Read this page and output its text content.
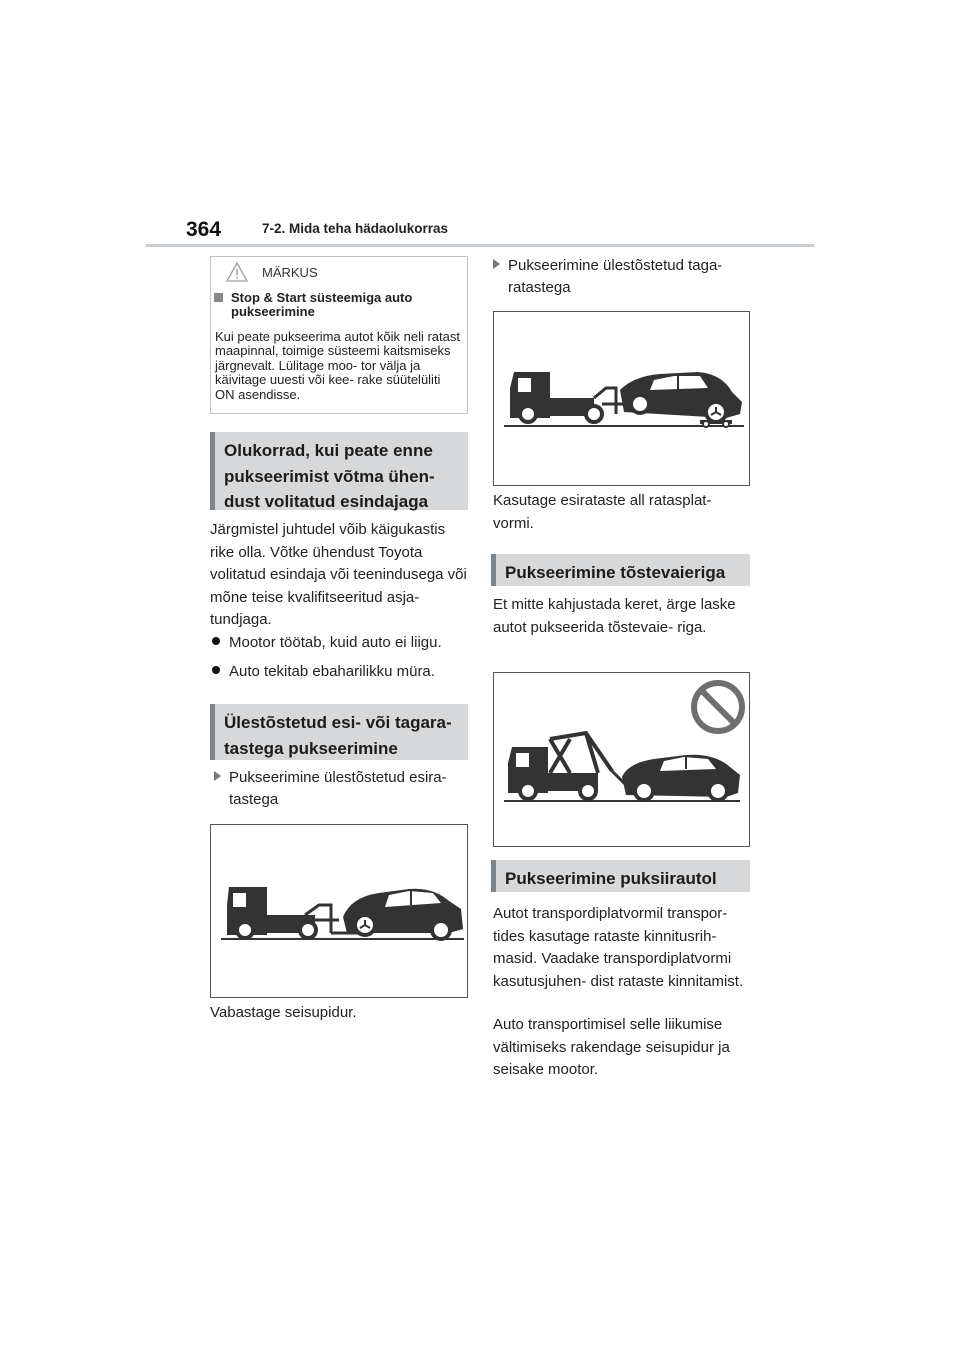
364	7-2. Mida teha hädaolukorras
MÄRKUS
Stop & Start süsteemiga auto pukseerimine
Kui peate pukseerima autot kõik neli ratast maapinnal, toimige süsteemi kaitsmiseks järgnevalt. Lülitage moo- tor välja ja käivitage uuesti või kee- rake süütelüliti ON asendisse.
Olukorrad, kui peate enne pukseerimist võtma ühen- dust volitatud esindajaga
Järgmistel juhtudel võib käigukastis rike olla. Võtke ühendust Toyota volitatud esindaja või teenindusega või mõne teise kvalifitseeritud asja- tundjaga.
Mootor töötab, kuid auto ei liigu.
Auto tekitab ebaharilikku müra.
Ülestõstetud esi- või tagara- tastega pukseerimine
Pukseerimine ülestõstetud esira- tastega
Vabastage seisupidur.
Pukseerimine ülestõstetud taga- ratastega
Kasutage esirataste all ratasplat- vormi.
Pukseerimine tõstevaieriga
Et mitte kahjustada keret, ärge laske autot pukseerida tõstevaie- riga.
Pukseerimine puksiirautol
Autot transpordiplatvormil transpor- tides kasutage rataste kinnitusrih- masid. Vaadake transpordiplatvormi kasutusjuhen- dist rataste kinnitamist.
Auto transportimisel selle liikumise vältimiseks rakendage seisupidur ja seisake mootor.
